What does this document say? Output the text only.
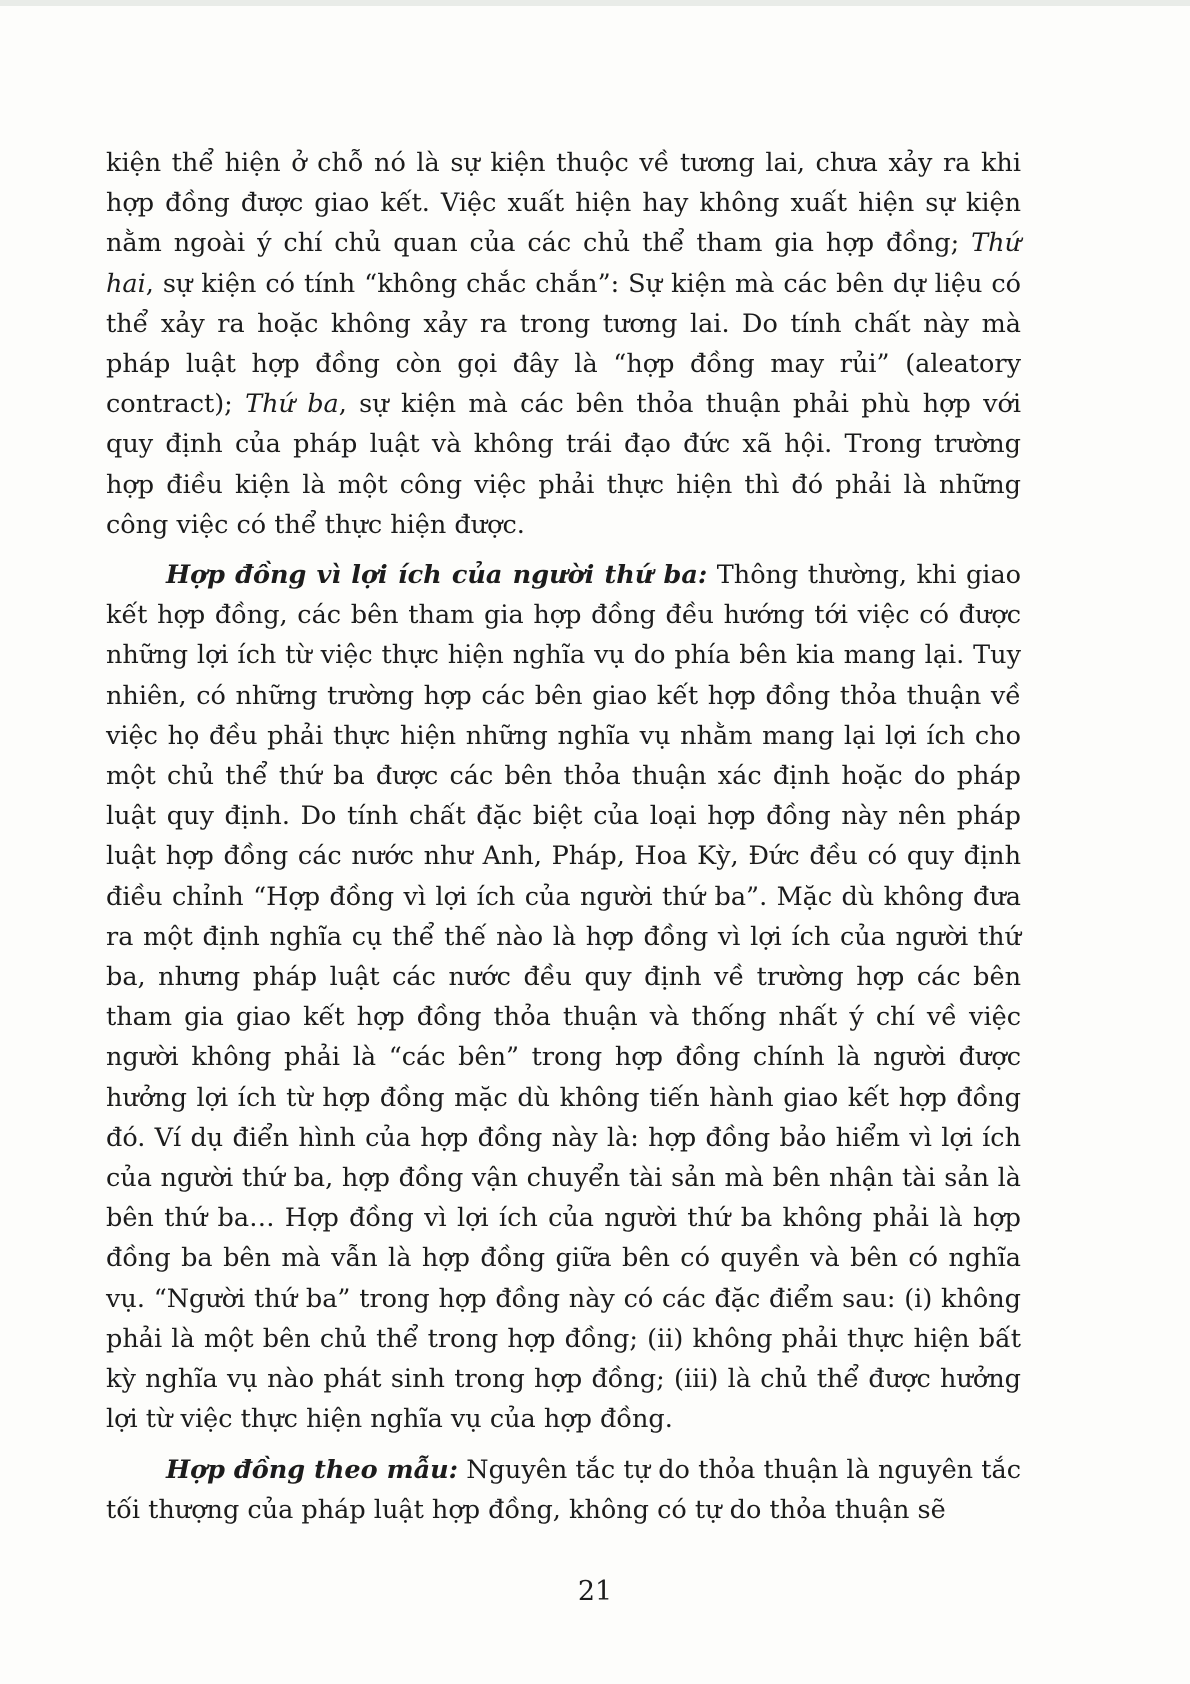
kiện thể hiện ở chỗ nó là sự kiện thuộc về tương lai, chưa xảy ra khi hợp đồng được giao kết. Việc xuất hiện hay không xuất hiện sự kiện nằm ngoài ý chí chủ quan của các chủ thể tham gia hợp đồng; Thứ hai, sự kiện có tính “không chắc chắn”: Sự kiện mà các bên dự liệu có thể xảy ra hoặc không xảy ra trong tương lai. Do tính chất này mà pháp luật hợp đồng còn gọi đây là “hợp đồng may rủi” (aleatory contract); Thứ ba, sự kiện mà các bên thỏa thuận phải phù hợp với quy định của pháp luật và không trái đạo đức xã hội. Trong trường hợp điều kiện là một công việc phải thực hiện thì đó phải là những công việc có thể thực hiện được.

Hợp đồng vì lợi ích của người thứ ba: Thông thường, khi giao kết hợp đồng, các bên tham gia hợp đồng đều hướng tới việc có được những lợi ích từ việc thực hiện nghĩa vụ do phía bên kia mang lại. Tuy nhiên, có những trường hợp các bên giao kết hợp đồng thỏa thuận về việc họ đều phải thực hiện những nghĩa vụ nhằm mang lại lợi ích cho một chủ thể thứ ba được các bên thỏa thuận xác định hoặc do pháp luật quy định. Do tính chất đặc biệt của loại hợp đồng này nên pháp luật hợp đồng các nước như Anh, Pháp, Hoa Kỳ, Đức đều có quy định điều chỉnh “Hợp đồng vì lợi ích của người thứ ba”. Mặc dù không đưa ra một định nghĩa cụ thể thế nào là hợp đồng vì lợi ích của người thứ ba, nhưng pháp luật các nước đều quy định về trường hợp các bên tham gia giao kết hợp đồng thỏa thuận và thống nhất ý chí về việc người không phải là “các bên” trong hợp đồng chính là người được hưởng lợi ích từ hợp đồng mặc dù không tiến hành giao kết hợp đồng đó. Ví dụ điển hình của hợp đồng này là: hợp đồng bảo hiểm vì lợi ích của người thứ ba, hợp đồng vận chuyển tài sản mà bên nhận tài sản là bên thứ ba… Hợp đồng vì lợi ích của người thứ ba không phải là hợp đồng ba bên mà vẫn là hợp đồng giữa bên có quyền và bên có nghĩa vụ. “Người thứ ba” trong hợp đồng này có các đặc điểm sau: (i) không phải là một bên chủ thể trong hợp đồng; (ii) không phải thực hiện bất kỳ nghĩa vụ nào phát sinh trong hợp đồng; (iii) là chủ thể được hưởng lợi từ việc thực hiện nghĩa vụ của hợp đồng.

Hợp đồng theo mẫu: Nguyên tắc tự do thỏa thuận là nguyên tắc tối thượng của pháp luật hợp đồng, không có tự do thỏa thuận sẽ

21
